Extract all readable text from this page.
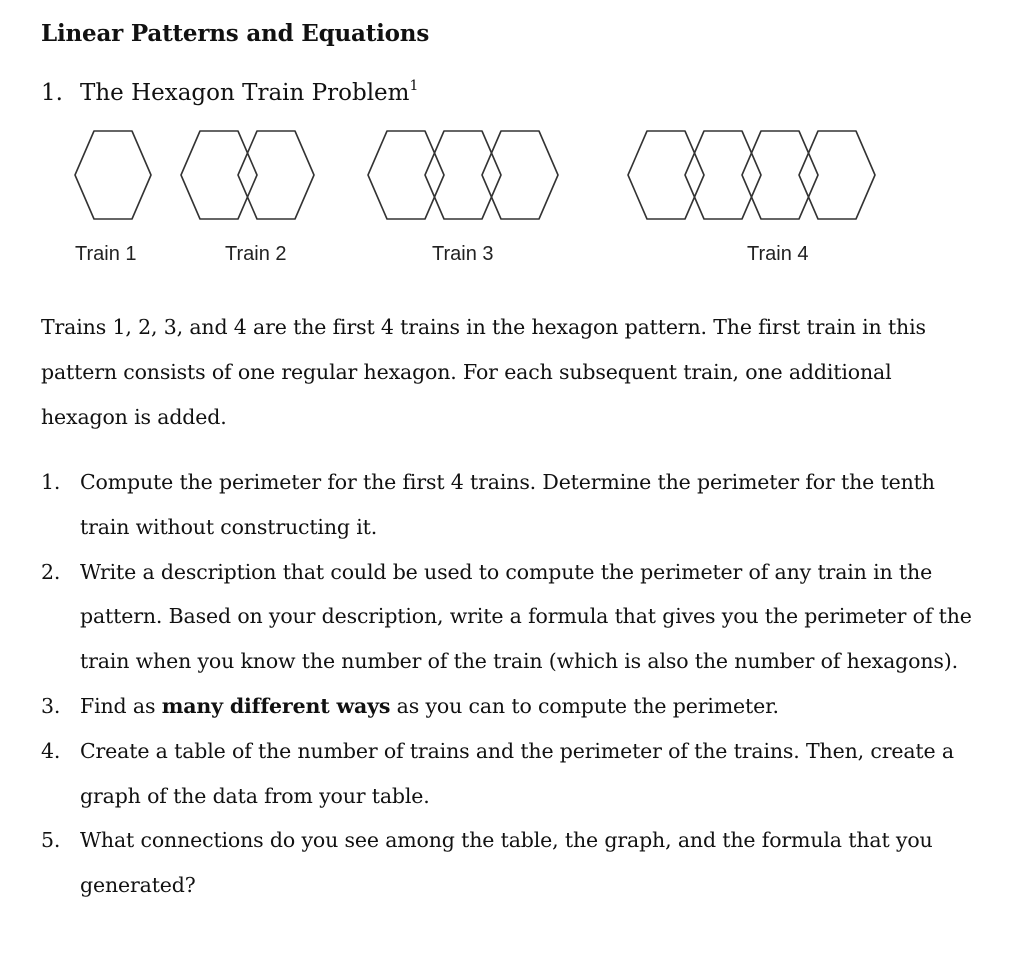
Linear Patterns and Equations
1. The Hexagon Train Problem$^1$
Train 1	Train 2	Train 3	Train 4

Trains 1, 2, 3, and 4 are the first 4 trains in the hexagon pattern. The first train in this pattern consists of one regular hexagon. For each subsequent train, one additional hexagon is added.

1. Compute the perimeter for the first 4 trains. Determine the perimeter for the tenth train without constructing it.
2. Write a description that could be used to compute the perimeter of any train in the pattern. Based on your description, write a formula that gives you the perimeter of the train when you know the number of the train (which is also the number of hexagons).
3. Find as many different ways as you can to compute the perimeter.
4. Create a table of the number of trains and the perimeter of the trains. Then, create a graph of the data from your table.
5. What connections do you see among the table, the graph, and the formula that you generated?
